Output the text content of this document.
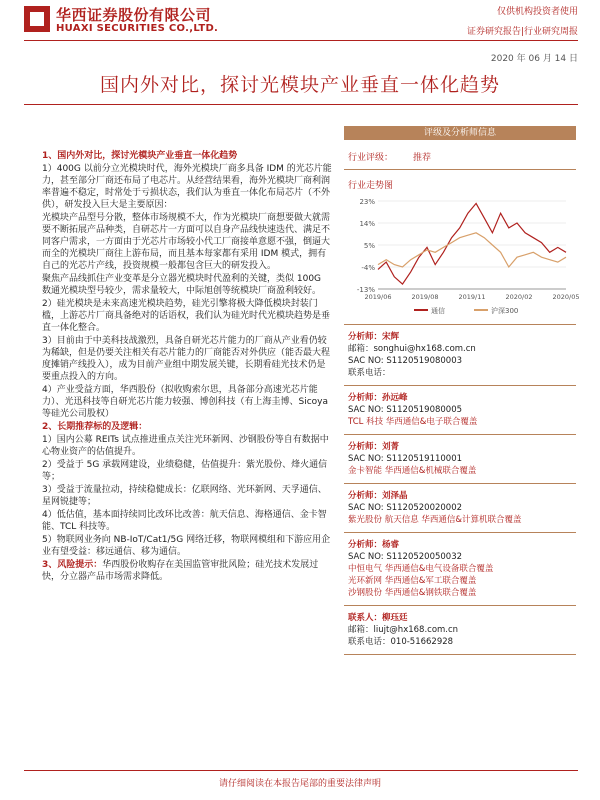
华西证券股份有限公司
HUAXI SECURITIES CO.,LTD.
仅供机构投资者使用
证券研究报告|行业研究周报
2020 年 06 月 14 日
国内外对比，探讨光模块产业垂直一体化趋势

1、国内外对比，探讨光模块产业垂直一体化趋势

1）400G 以前分立光模块时代，海外光模块厂商多具备 IDM 的光芯片能力，甚至部分厂商还布局了电芯片。从经营结果看，海外光模块厂商利润率普遍不稳定，时常处于亏损状态，我们认为垂直一体化布局芯片（不外供），研发投入巨大是主要原因：

光模块产品型号分散，整体市场规模不大，作为光模块厂商想要做大就需要不断拓展产品种类，自研芯片一方面可以自身产品线快速迭代、满足不同客户需求，一方面由于光芯片市场较小代工厂商接单意愿不强，倒逼大而全的光模块厂商往上游布局，而且基本每家都有采用 IDM 模式，拥有自己的光芯片产线，投资规模一般都包含巨大的研发投入。

聚焦产品线抓住产业变革是分立器光模块时代盈利的关键，类似 100G 数通光模块型号较少，需求量较大，中际旭创等统模块厂商盈利较好。

2）硅光模块是未来高速光模块趋势，硅光引擎将极大降低模块封装门槛，上游芯片厂商具备绝对的话语权，我们认为硅光时代光模块趋势是垂直一体化整合。

3）目前由于中美科技战激烈，具备自研光芯片能力的厂商从产业看仍较为稀缺，但是仍要关注相关有芯片能力的厂商能否对外供应（能否最大程度摊销产线投入），成为目前产业组中期发展关键，长期看硅光技术仍是要重点投入的方向。

4）产业受益方面，华西股份（拟收购索尔思，具备部分高速光芯片能力）、光迅科技等自研光芯片能力较强、博创科技（有上海圭博、Sicoya 等硅光公司股权）

2、长期推荐标的及逻辑：

1）国内公募 REITs 试点推进重点关注光环新网、沙钢股份等自有数据中心物业资产的估值提升。

2）受益于 5G 承载网建设，业绩稳健，估值提升：紫光股份、烽火通信等；

3）受益于流量拉动，持续稳健成长：亿联网络、光环新网、天孚通信、星网锐捷等；

4）低估值，基本面持续同比改环比改善：航天信息、海格通信、金卡智能、TCL 科技等。

5）物联网业务向 NB-IoT/Cat1/5G 网络迁移，物联网模组和下游应用企业有望受益：移远通信、移为通信。

3、风险提示：华西股份收购存在美国监管审批风险；硅光技术发展过快，分立器产品市场需求降低。

评级及分析师信息
行业评级： 推荐
行业走势图
23%
14%
5%
-4%
-13%
2019/06	2019/08	2019/11	2020/02	2020/05
通信	沪深300
分析师：宋辉
邮箱：songhui@hx168.com.cn
SAC NO: S1120519080003
联系电话：
分析师：孙远峰
SAC NO: S1120519080005
TCL 科技 华西通信&电子联合覆盖
分析师：刘菁
SAC NO: S1120519110001
金卡智能 华西通信&机械联合覆盖
分析师：刘泽晶
SAC NO: S1120520020002
紫光股份 航天信息 华西通信&计算机联合覆盖
分析师：杨睿
SAC NO: S1120520050032
中恒电气 华西通信&电气设备联合覆盖
光环新网 华西通信&军工联合覆盖
沙钢股份 华西通信&钢铁联合覆盖
联系人：柳珏廷
邮箱：liujt@hx168.com.cn
联系电话：010-51662928
请仔细阅读在本报告尾部的重要法律声明
